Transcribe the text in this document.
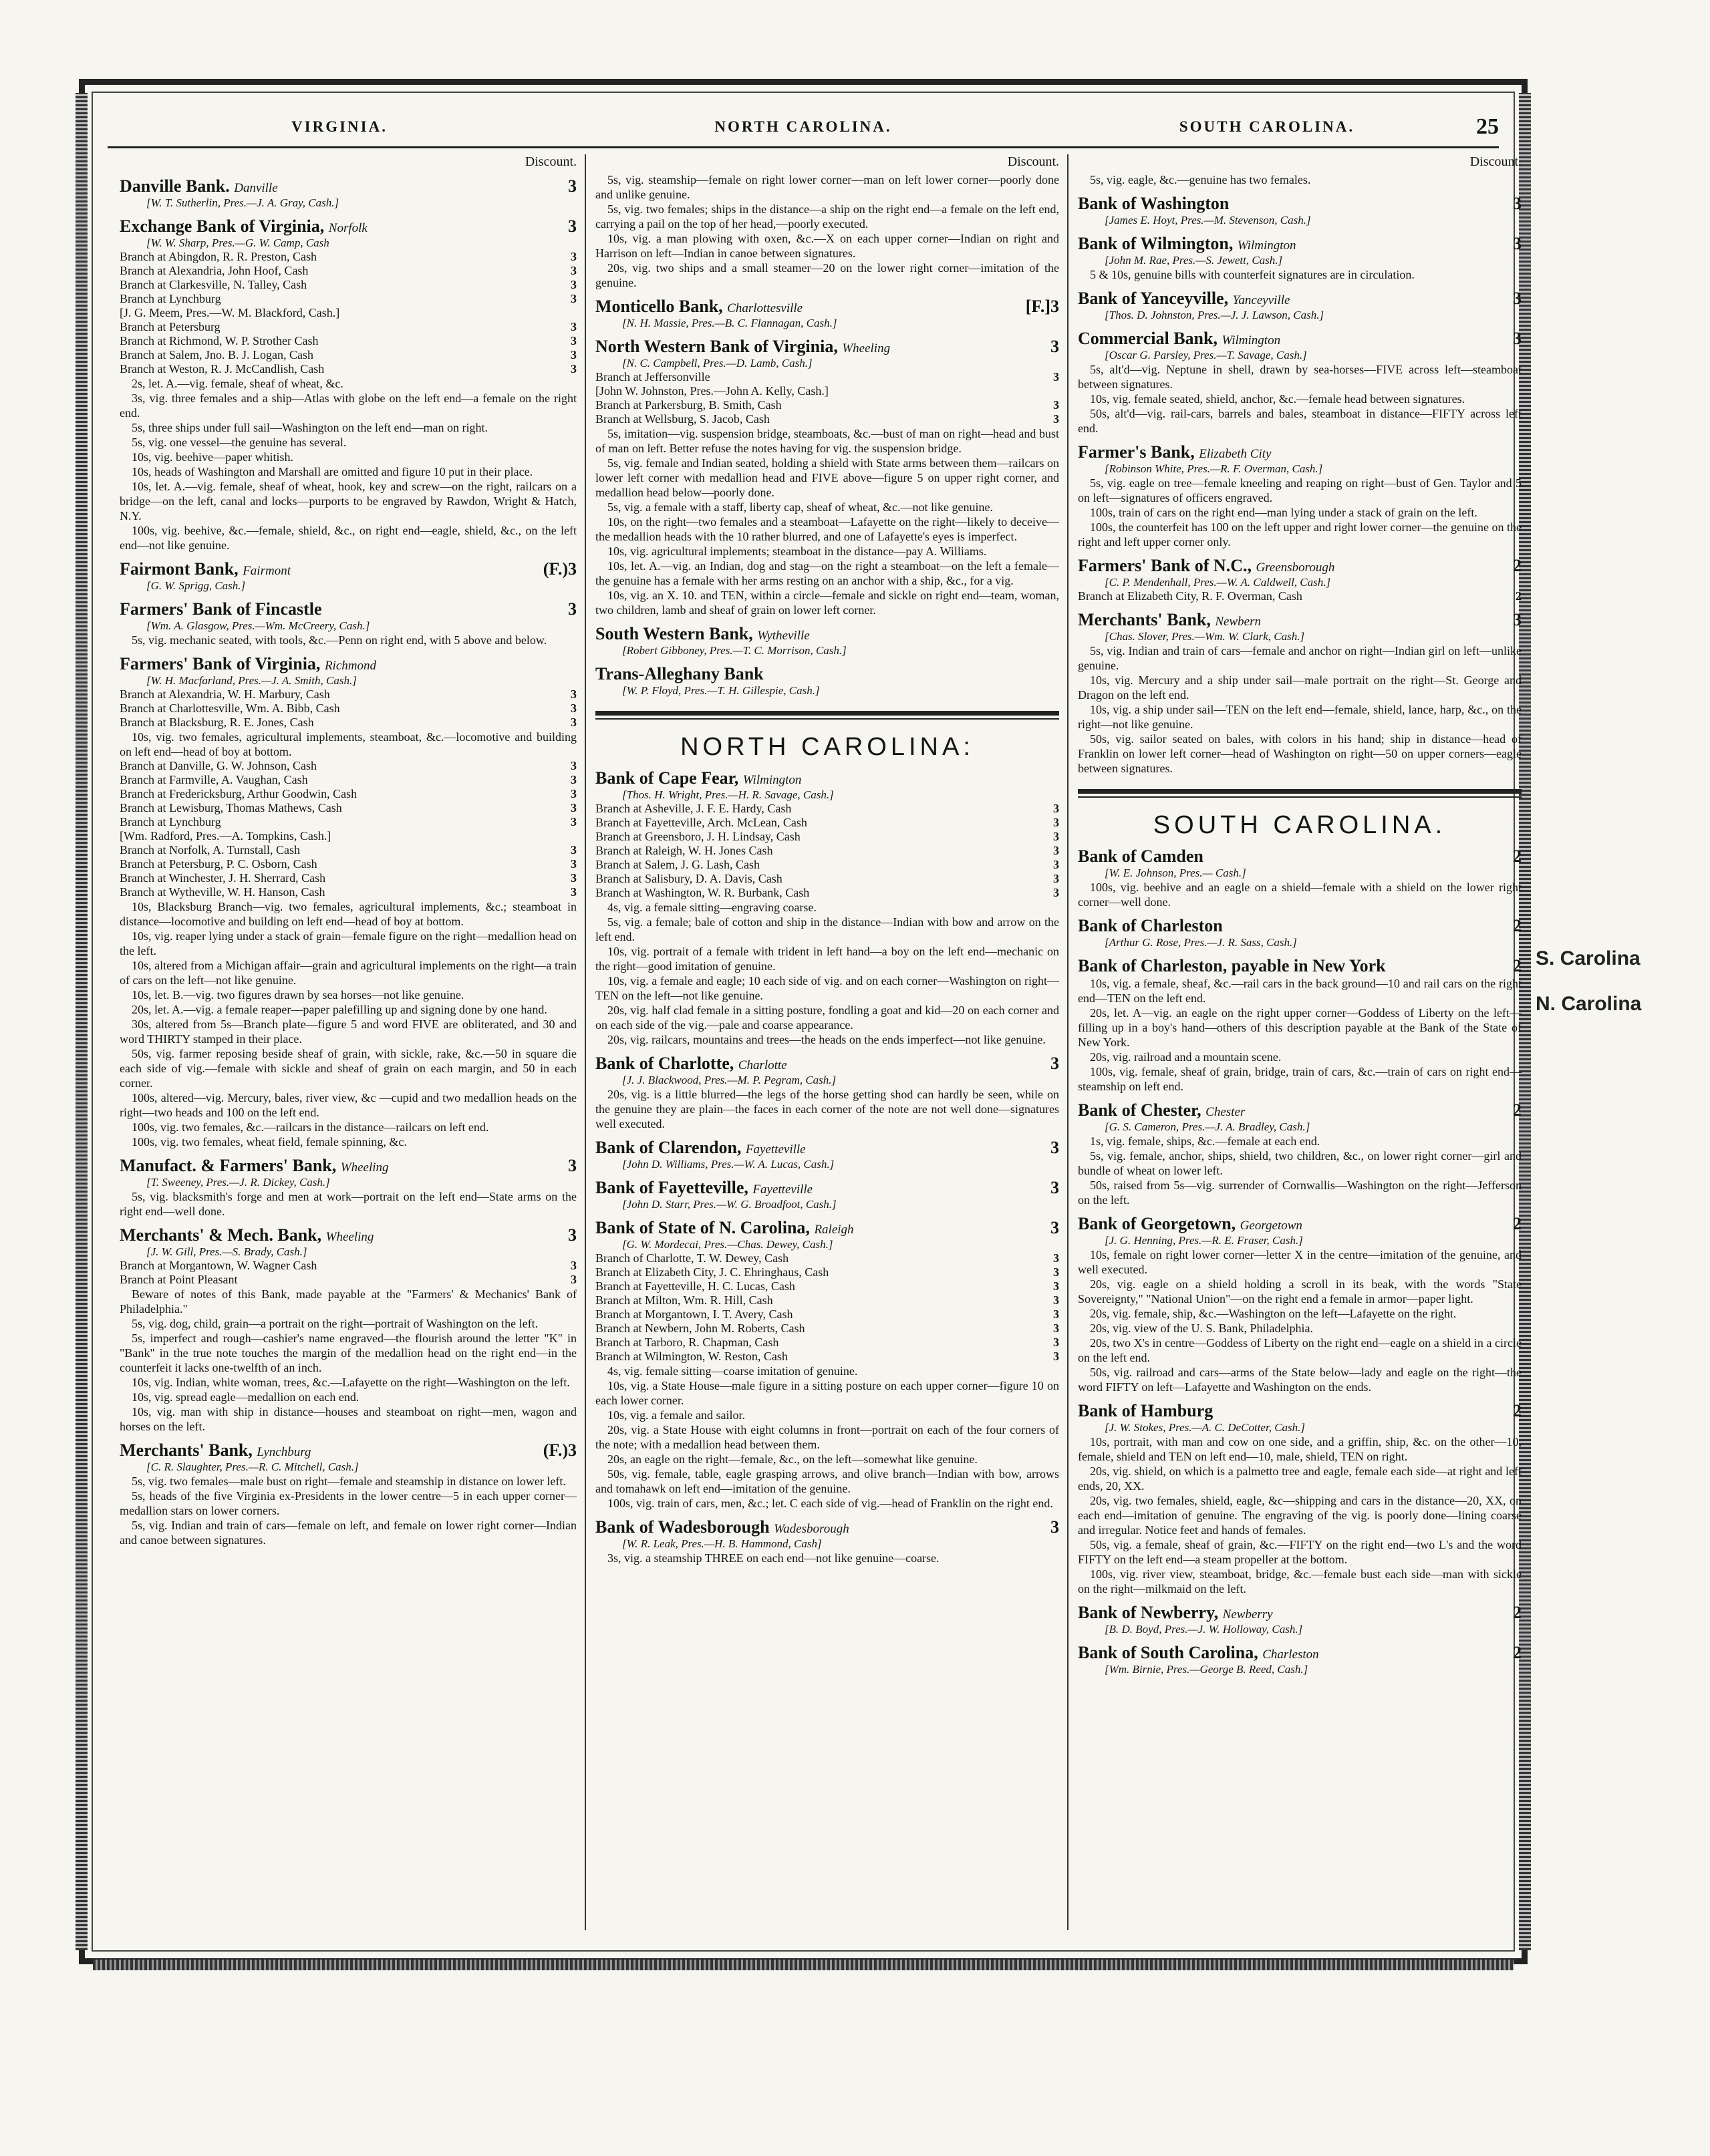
VIRGINIA.	NORTH CAROLINA.	SOUTH CAROLINA.	25
Discount.
Danville Bank. Danville	3
[W. T. Sutherlin, Pres.—J. A. Gray, Cash.]
Exchange Bank of Virginia, Norfolk	3
[W. W. Sharp, Pres.—G. W. Camp, Cash
Branch at Abingdon, R. R. Preston, Cash	3
Branch at Alexandria, John Hoof, Cash	3
Branch at Clarkesville, N. Talley, Cash	3
Branch at Lynchburg	3
[J. G. Meem, Pres.—W. M. Blackford, Cash.]
Branch at Petersburg	3
Branch at Richmond, W. P. Strother Cash	3
Branch at Salem, Jno. B. J. Logan, Cash	3
Branch at Weston, R. J. McCandlish, Cash	3
2s, let. A.—vig. female, sheaf of wheat, &c.
3s, vig. three females and a ship—Atlas with globe on the left end—a female on the right end.
5s, three ships under full sail—Washington on the left end—man on right.
5s, vig. one vessel—the genuine has several.
10s, vig. beehive—paper whitish.
10s, heads of Washington and Marshall are omitted and figure 10 put in their place.
10s, let. A.—vig. female, sheaf of wheat, hook, key and screw—on the right, railcars on a bridge—on the left, canal and locks—purports to be engraved by Rawdon, Wright & Hatch, N.Y.
100s, vig. beehive, &c.—female, shield, &c., on right end—eagle, shield, &c., on the left end—not like genuine.
Fairmont Bank, Fairmont	(F.)3
[G. W. Sprigg, Cash.]
Farmers' Bank of Fincastle	3
[Wm. A. Glasgow, Pres.—Wm. McCreery, Cash.]
5s, vig. mechanic seated, with tools, &c.—Penn on right end, with 5 above and below.
Farmers' Bank of Virginia, Richmond
[W. H. Macfarland, Pres.—J. A. Smith, Cash.]
Branch at Alexandria, W. H. Marbury, Cash	3
Branch at Charlottesville, Wm. A. Bibb, Cash	3
Branch at Blacksburg, R. E. Jones, Cash	3
10s, vig. two females, agricultural implements, steamboat, &c.—locomotive and building on left end—head of boy at bottom.
Branch at Danville, G. W. Johnson, Cash	3
Branch at Farmville, A. Vaughan, Cash	3
Branch at Fredericksburg, Arthur Goodwin, Cash	3
Branch at Lewisburg, Thomas Mathews, Cash	3
Branch at Lynchburg	3
[Wm. Radford, Pres.—A. Tompkins, Cash.]
Branch at Norfolk, A. Turnstall, Cash	3
Branch at Petersburg, P. C. Osborn, Cash	3
Branch at Winchester, J. H. Sherrard, Cash	3
Branch at Wytheville, W. H. Hanson, Cash	3
10s, Blacksburg Branch—vig. two females, agricultural implements, &c.; steamboat in distance—locomotive and building on left end—head of boy at bottom.
10s, vig. reaper lying under a stack of grain—female figure on the right—medallion head on the left.
10s, altered from a Michigan affair—grain and agricultural implements on the right—a train of cars on the left—not like genuine.
10s, let. B.—vig. two figures drawn by sea horses—not like genuine.
20s, let. A.—vig. a female reaper—paper palefilling up and signing done by one hand.
30s, altered from 5s—Branch plate—figure 5 and word FIVE are obliterated, and 30 and word THIRTY stamped in their place.
50s, vig. farmer reposing beside sheaf of grain, with sickle, rake, &c.—50 in square die each side of vig.—female with sickle and sheaf of grain on each margin, and 50 in each corner.
100s, altered—vig. Mercury, bales, river view, &c —cupid and two medallion heads on the right—two heads and 100 on the left end.
100s, vig. two females, &c.—railcars in the distance—railcars on left end.
100s, vig. two females, wheat field, female spinning, &c.
Manufact. & Farmers' Bank, Wheeling	3
[T. Sweeney, Pres.—J. R. Dickey, Cash.]
5s, vig. blacksmith's forge and men at work—portrait on the left end—State arms on the right end—well done.
Merchants' & Mech. Bank, Wheeling	3
[J. W. Gill, Pres.—S. Brady, Cash.]
Branch at Morgantown, W. Wagner Cash	3
Branch at Point Pleasant	3
Beware of notes of this Bank, made payable at the "Farmers' & Mechanics' Bank of Philadelphia."
5s, vig. dog, child, grain—a portrait on the right—portrait of Washington on the left.
5s, imperfect and rough—cashier's name engraved—the flourish around the letter "K" in "Bank" in the true note touches the margin of the medallion head on the right end—in the counterfeit it lacks one-twelfth of an inch.
10s, vig. Indian, white woman, trees, &c.—Lafayette on the right—Washington on the left.
10s, vig. spread eagle—medallion on each end.
10s, vig. man with ship in distance—houses and steamboat on right—men, wagon and horses on the left.
Merchants' Bank, Lynchburg	(F.)3
[C. R. Slaughter, Pres.—R. C. Mitchell, Cash.]
5s, vig. two females—male bust on right—female and steamship in distance on lower left.
5s, heads of the five Virginia ex-Presidents in the lower centre—5 in each upper corner—medallion stars on lower corners.
5s, vig. Indian and train of cars—female on left, and female on lower right corner—Indian and canoe between signatures.
Discount.
5s, vig. steamship—female on right lower corner—man on left lower corner—poorly done and unlike genuine.
5s, vig. two females; ships in the distance—a ship on the right end—a female on the left end, carrying a pail on the top of her head,—poorly executed.
10s, vig. a man plowing with oxen, &c.—X on each upper corner—Indian on right and Harrison on left—Indian in canoe between signatures.
20s, vig. two ships and a small steamer—20 on the lower right corner—imitation of the genuine.
Monticello Bank, Charlottesville	[F.]3
[N. H. Massie, Pres.—B. C. Flannagan, Cash.]
North Western Bank of Virginia, Wheeling	3
[N. C. Campbell, Pres.—D. Lamb, Cash.]
Branch at Jeffersonville	3
[John W. Johnston, Pres.—John A. Kelly, Cash.]
Branch at Parkersburg, B. Smith, Cash	3
Branch at Wellsburg, S. Jacob, Cash	3
5s, imitation—vig. suspension bridge, steamboats, &c.—bust of man on right—head and bust of man on left. Better refuse the notes having for vig. the suspension bridge.
5s, vig. female and Indian seated, holding a shield with State arms between them—railcars on lower left corner with medallion head and FIVE above—figure 5 on upper right corner, and medallion head below—poorly done.
5s, vig. a female with a staff, liberty cap, sheaf of wheat, &c.—not like genuine.
10s, on the right—two females and a steamboat—Lafayette on the right—likely to deceive—the medallion heads with the 10 rather blurred, and one of Lafayette's eyes is imperfect.
10s, vig. agricultural implements; steamboat in the distance—pay A. Williams.
10s, let. A.—vig. an Indian, dog and stag—on the right a steamboat—on the left a female—the genuine has a female with her arms resting on an anchor with a ship, &c., for a vig.
10s, vig. an X. 10. and TEN, within a circle—female and sickle on right end—team, woman, two children, lamb and sheaf of grain on lower left corner.
South Western Bank, Wytheville
[Robert Gibboney, Pres.—T. C. Morrison, Cash.]
Trans-Alleghany Bank
[W. P. Floyd, Pres.—T. H. Gillespie, Cash.]
NORTH CAROLINA:
Bank of Cape Fear, Wilmington
[Thos. H. Wright, Pres.—H. R. Savage, Cash.]
Branch at Asheville, J. F. E. Hardy, Cash	3
Branch at Fayetteville, Arch. McLean, Cash	3
Branch at Greensboro, J. H. Lindsay, Cash	3
Branch at Raleigh, W. H. Jones Cash	3
Branch at Salem, J. G. Lash, Cash	3
Branch at Salisbury, D. A. Davis, Cash	3
Branch at Washington, W. R. Burbank, Cash	3
4s, vig. a female sitting—engraving coarse.
5s, vig. a female; bale of cotton and ship in the distance—Indian with bow and arrow on the left end.
10s, vig. portrait of a female with trident in left hand—a boy on the left end—mechanic on the right—good imitation of genuine.
10s, vig. a female and eagle; 10 each side of vig. and on each corner—Washington on right—TEN on the left—not like genuine.
20s, vig. half clad female in a sitting posture, fondling a goat and kid—20 on each corner and on each side of the vig.—pale and coarse appearance.
20s, vig. railcars, mountains and trees—the heads on the ends imperfect—not like genuine.
Bank of Charlotte, Charlotte	3
[J. J. Blackwood, Pres.—M. P. Pegram, Cash.]
20s, vig. is a little blurred—the legs of the horse getting shod can hardly be seen, while on the genuine they are plain—the faces in each corner of the note are not well done—signatures well executed.
Bank of Clarendon, Fayetteville	3
[John D. Williams, Pres.—W. A. Lucas, Cash.]
Bank of Fayetteville, Fayetteville	3
[John D. Starr, Pres.—W. G. Broadfoot, Cash.]
Bank of State of N. Carolina, Raleigh	3
[G. W. Mordecai, Pres.—Chas. Dewey, Cash.]
Branch of Charlotte, T. W. Dewey, Cash	3
Branch at Elizabeth City, J. C. Ehringhaus, Cash	3
Branch at Fayetteville, H. C. Lucas, Cash	3
Branch at Milton, Wm. R. Hill, Cash	3
Branch at Morgantown, I. T. Avery, Cash	3
Branch at Newbern, John M. Roberts, Cash	3
Branch at Tarboro, R. Chapman, Cash	3
Branch at Wilmington, W. Reston, Cash	3
4s, vig. female sitting—coarse imitation of genuine.
10s, vig. a State House—male figure in a sitting posture on each upper corner—figure 10 on each lower corner.
10s, vig. a female and sailor.
20s, vig. a State House with eight columns in front—portrait on each of the four corners of the note; with a medallion head between them.
20s, an eagle on the right—female, &c., on the left—somewhat like genuine.
50s, vig. female, table, eagle grasping arrows, and olive branch—Indian with bow, arrows and tomahawk on left end—imitation of the genuine.
100s, vig. train of cars, men, &c.; let. C each side of vig.—head of Franklin on the right end.
Bank of Wadesborough Wadesborough	3
[W. R. Leak, Pres.—H. B. Hammond, Cash]
3s, vig. a steamship THREE on each end—not like genuine—coarse.
Discount.
5s, vig. eagle, &c.—genuine has two females.
Bank of Washington	3
[James E. Hoyt, Pres.—M. Stevenson, Cash.]
Bank of Wilmington, Wilmington	3
[John M. Rae, Pres.—S. Jewett, Cash.]
5 & 10s, genuine bills with counterfeit signatures are in circulation.
Bank of Yanceyville, Yanceyville	3
[Thos. D. Johnston, Pres.—J. J. Lawson, Cash.]
Commercial Bank, Wilmington	3
[Oscar G. Parsley, Pres.—T. Savage, Cash.]
5s, alt'd—vig. Neptune in shell, drawn by sea-horses—FIVE across left—steamboat between signatures.
10s, vig. female seated, shield, anchor, &c.—female head between signatures.
50s, alt'd—vig. rail-cars, barrels and bales, steamboat in distance—FIFTY across left end.
Farmer's Bank, Elizabeth City
[Robinson White, Pres.—R. F. Overman, Cash.]
5s, vig. eagle on tree—female kneeling and reaping on right—bust of Gen. Taylor and 5 on left—signatures of officers engraved.
100s, train of cars on the right end—man lying under a stack of grain on the left.
100s, the counterfeit has 100 on the left upper and right lower corner—the genuine on the right and left upper corner only.
Farmers' Bank of N.C., Greensborough	2
[C. P. Mendenhall, Pres.—W. A. Caldwell, Cash.]
Branch at Elizabeth City, R. F. Overman, Cash	2
Merchants' Bank, Newbern	3
[Chas. Slover, Pres.—Wm. W. Clark, Cash.]
5s, vig. Indian and train of cars—female and anchor on right—Indian girl on left—unlike genuine.
10s, vig. Mercury and a ship under sail—male portrait on the right—St. George and Dragon on the left end.
10s, vig. a ship under sail—TEN on the left end—female, shield, lance, harp, &c., on the right—not like genuine.
50s, vig. sailor seated on bales, with colors in his hand; ship in distance—head of Franklin on lower left corner—head of Washington on right—50 on upper corners—eagle between signatures.
SOUTH CAROLINA.
Bank of Camden	2
[W. E. Johnson, Pres.— Cash.]
100s, vig. beehive and an eagle on a shield—female with a shield on the lower right corner—well done.
Bank of Charleston	2
[Arthur G. Rose, Pres.—J. R. Sass, Cash.]
Bank of Charleston, payable in New York	2
10s, vig. a female, sheaf, &c.—rail cars in the back ground—10 and rail cars on the right end—TEN on the left end.
20s, let. A—vig. an eagle on the right upper corner—Goddess of Liberty on the left—filling up in a boy's hand—others of this description payable at the Bank of the State of New York.
20s, vig. railroad and a mountain scene.
100s, vig. female, sheaf of grain, bridge, train of cars, &c.—train of cars on right end—steamship on left end.
Bank of Chester, Chester	2
[G. S. Cameron, Pres.—J. A. Bradley, Cash.]
1s, vig. female, ships, &c.—female at each end.
5s, vig. female, anchor, ships, shield, two children, &c., on lower right corner—girl and bundle of wheat on lower left.
50s, raised from 5s—vig. surrender of Cornwallis—Washington on the right—Jefferson on the left.
Bank of Georgetown, Georgetown	2
[J. G. Henning, Pres.—R. E. Fraser, Cash.]
10s, female on right lower corner—letter X in the centre—imitation of the genuine, and well executed.
20s, vig. eagle on a shield holding a scroll in its beak, with the words "State Sovereignty," "National Union"—on the right end a female in armor—paper light.
20s, vig. female, ship, &c.—Washington on the left—Lafayette on the right.
20s, vig. view of the U. S. Bank, Philadelphia.
20s, two X's in centre—Goddess of Liberty on the right end—eagle on a shield in a circle on the left end.
50s, vig. railroad and cars—arms of the State below—lady and eagle on the right—the word FIFTY on left—Lafayette and Washington on the ends.
Bank of Hamburg	2
[J. W. Stokes, Pres.—A. C. DeCotter, Cash.]
10s, portrait, with man and cow on one side, and a griffin, ship, &c. on the other—10, female, shield and TEN on left end—10, male, shield, TEN on right.
20s, vig. shield, on which is a palmetto tree and eagle, female each side—at right and left ends, 20, XX.
20s, vig. two females, shield, eagle, &c—shipping and cars in the distance—20, XX, on each end—imitation of genuine. The engraving of the vig. is poorly done—lining coarse and irregular. Notice feet and hands of females.
50s, vig. a female, sheaf of grain, &c.—FIFTY on the right end—two L's and the word FIFTY on the left end—a steam propeller at the bottom.
100s, vig. river view, steamboat, bridge, &c.—female bust each side—man with sickle on the right—milkmaid on the left.
Bank of Newberry, Newberry	2
[B. D. Boyd, Pres.—J. W. Holloway, Cash.]
Bank of South Carolina, Charleston	2
[Wm. Birnie, Pres.—George B. Reed, Cash.]
S. Carolina
N. Carolina
